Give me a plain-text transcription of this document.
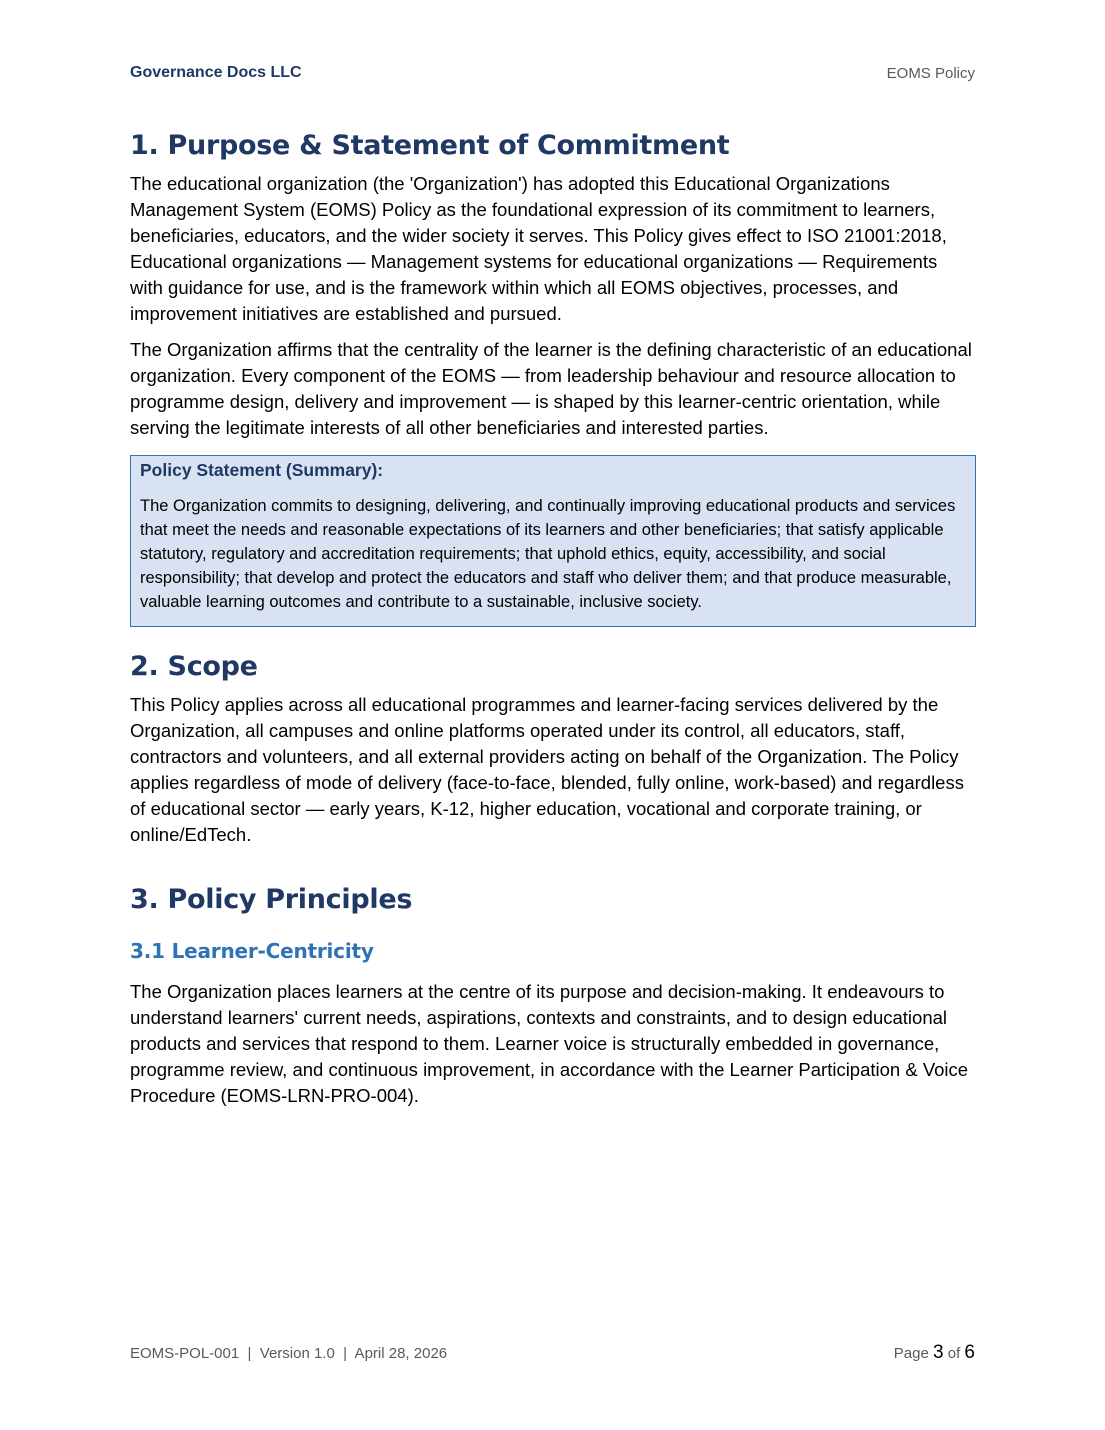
Governance Docs LLC	EOMS Policy
1. Purpose & Statement of Commitment

The educational organization (the 'Organization') has adopted this Educational Organizations Management System (EOMS) Policy as the foundational expression of its commitment to learners, beneficiaries, educators, and the wider society it serves. This Policy gives effect to ISO 21001:2018, Educational organizations — Management systems for educational organizations — Requirements with guidance for use, and is the framework within which all EOMS objectives, processes, and improvement initiatives are established and pursued.

The Organization affirms that the centrality of the learner is the defining characteristic of an educational organization. Every component of the EOMS — from leadership behaviour and resource allocation to programme design, delivery and improvement — is shaped by this learner-centric orientation, while serving the legitimate interests of all other beneficiaries and interested parties.

Policy Statement (Summary):

The Organization commits to designing, delivering, and continually improving educational products and services that meet the needs and reasonable expectations of its learners and other beneficiaries; that satisfy applicable statutory, regulatory and accreditation requirements; that uphold ethics, equity, accessibility, and social responsibility; that develop and protect the educators and staff who deliver them; and that produce measurable, valuable learning outcomes and contribute to a sustainable, inclusive society.

2. Scope

This Policy applies across all educational programmes and learner-facing services delivered by the Organization, all campuses and online platforms operated under its control, all educators, staff, contractors and volunteers, and all external providers acting on behalf of the Organization. The Policy applies regardless of mode of delivery (face-to-face, blended, fully online, work-based) and regardless of educational sector — early years, K-12, higher education, vocational and corporate training, or online/EdTech.

3. Policy Principles
3.1 Learner-Centricity

The Organization places learners at the centre of its purpose and decision-making. It endeavours to understand learners' current needs, aspirations, contexts and constraints, and to design educational products and services that respond to them. Learner voice is structurally embedded in governance, programme review, and continuous improvement, in accordance with the Learner Participation & Voice Procedure (EOMS-LRN-PRO-004).

EOMS-POL-001  |  Version 1.0  |  April 28, 2026	Page 3 of 6
